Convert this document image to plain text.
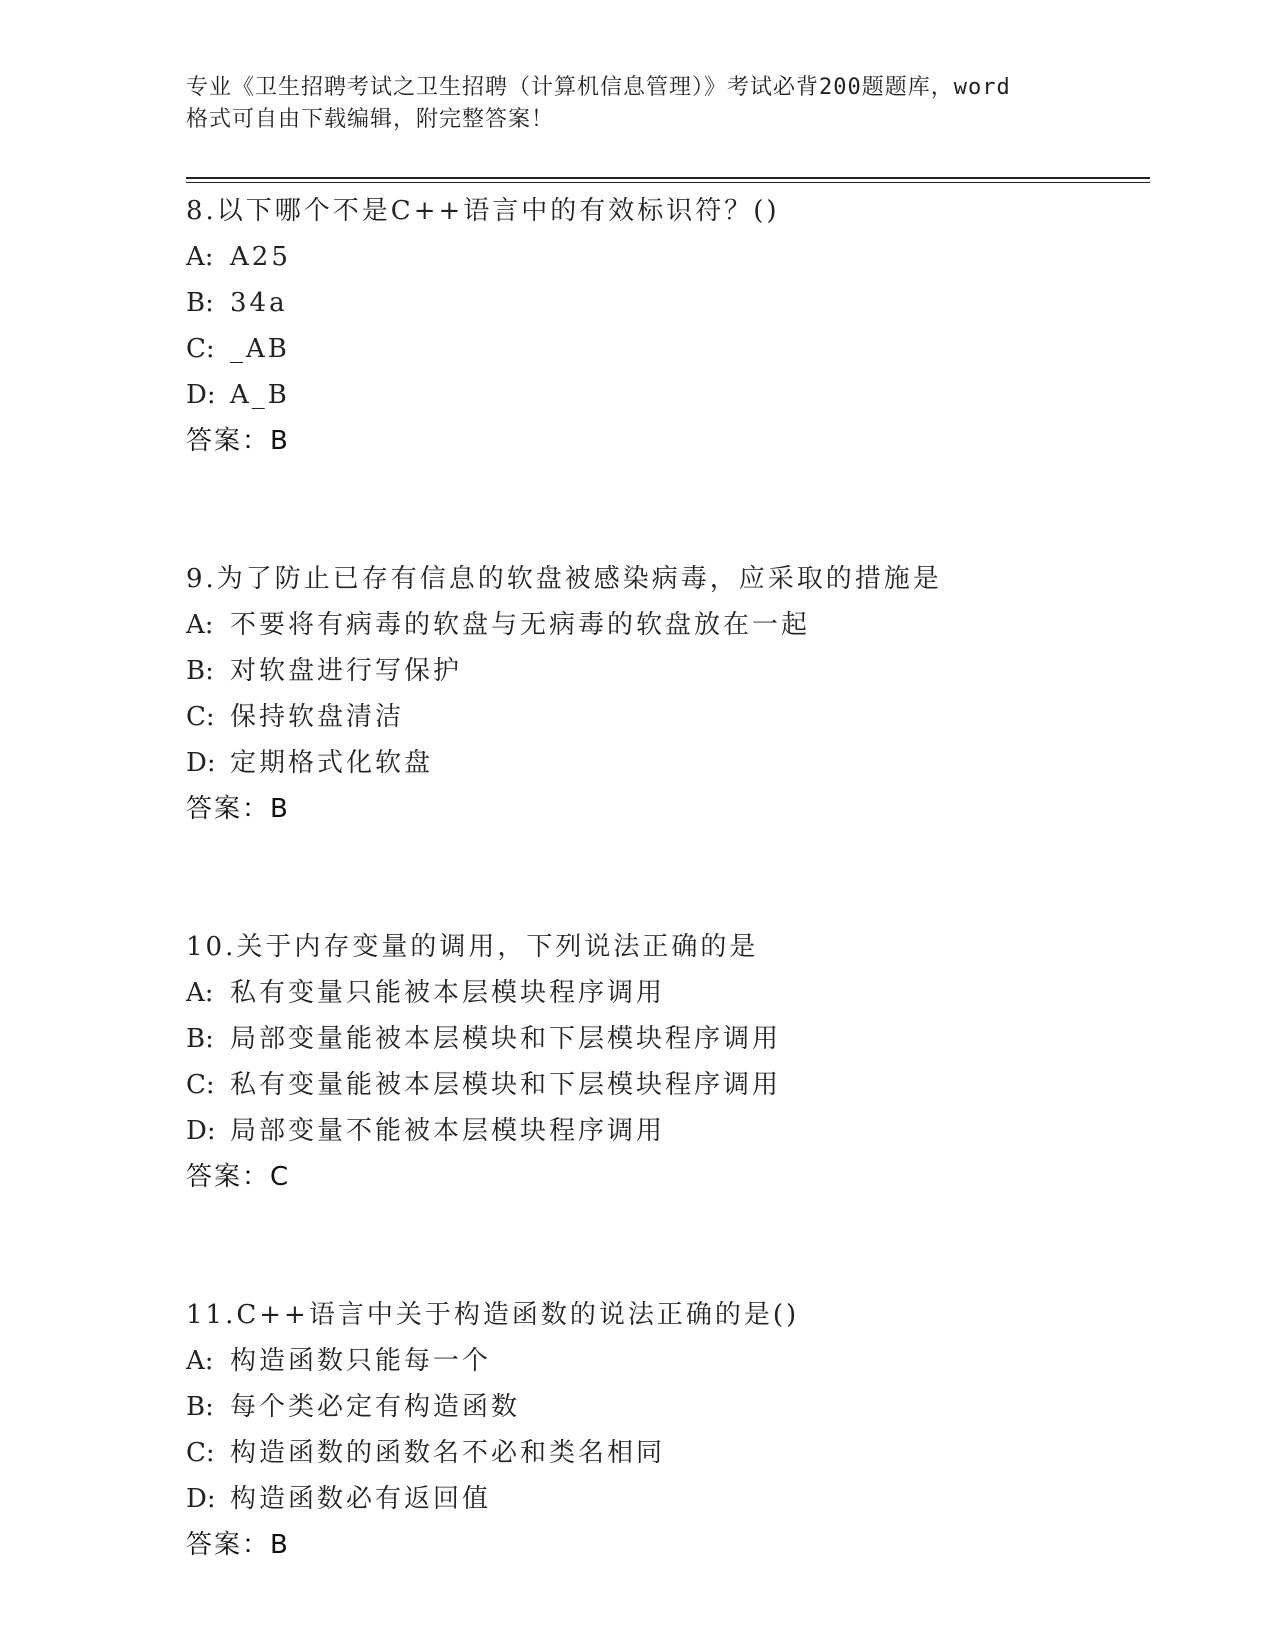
专业《卫生招聘考试之卫生招聘（计算机信息管理）》考试必背200题题库，word
格式可自由下载编辑，附完整答案！
8.以下哪个不是C++语言中的有效标识符？()
A: A25
B: 34a
C: _AB
D: A_B
答案：B
9.为了防止已存有信息的软盘被感染病毒，应采取的措施是
A: 不要将有病毒的软盘与无病毒的软盘放在一起
B: 对软盘进行写保护
C: 保持软盘清洁
D: 定期格式化软盘
答案：B
10.关于内存变量的调用，下列说法正确的是
A: 私有变量只能被本层模块程序调用
B: 局部变量能被本层模块和下层模块程序调用
C: 私有变量能被本层模块和下层模块程序调用
D: 局部变量不能被本层模块程序调用
答案：C
11.C++语言中关于构造函数的说法正确的是()
A: 构造函数只能每一个
B: 每个类必定有构造函数
C: 构造函数的函数名不必和类名相同
D: 构造函数必有返回值
答案：B
